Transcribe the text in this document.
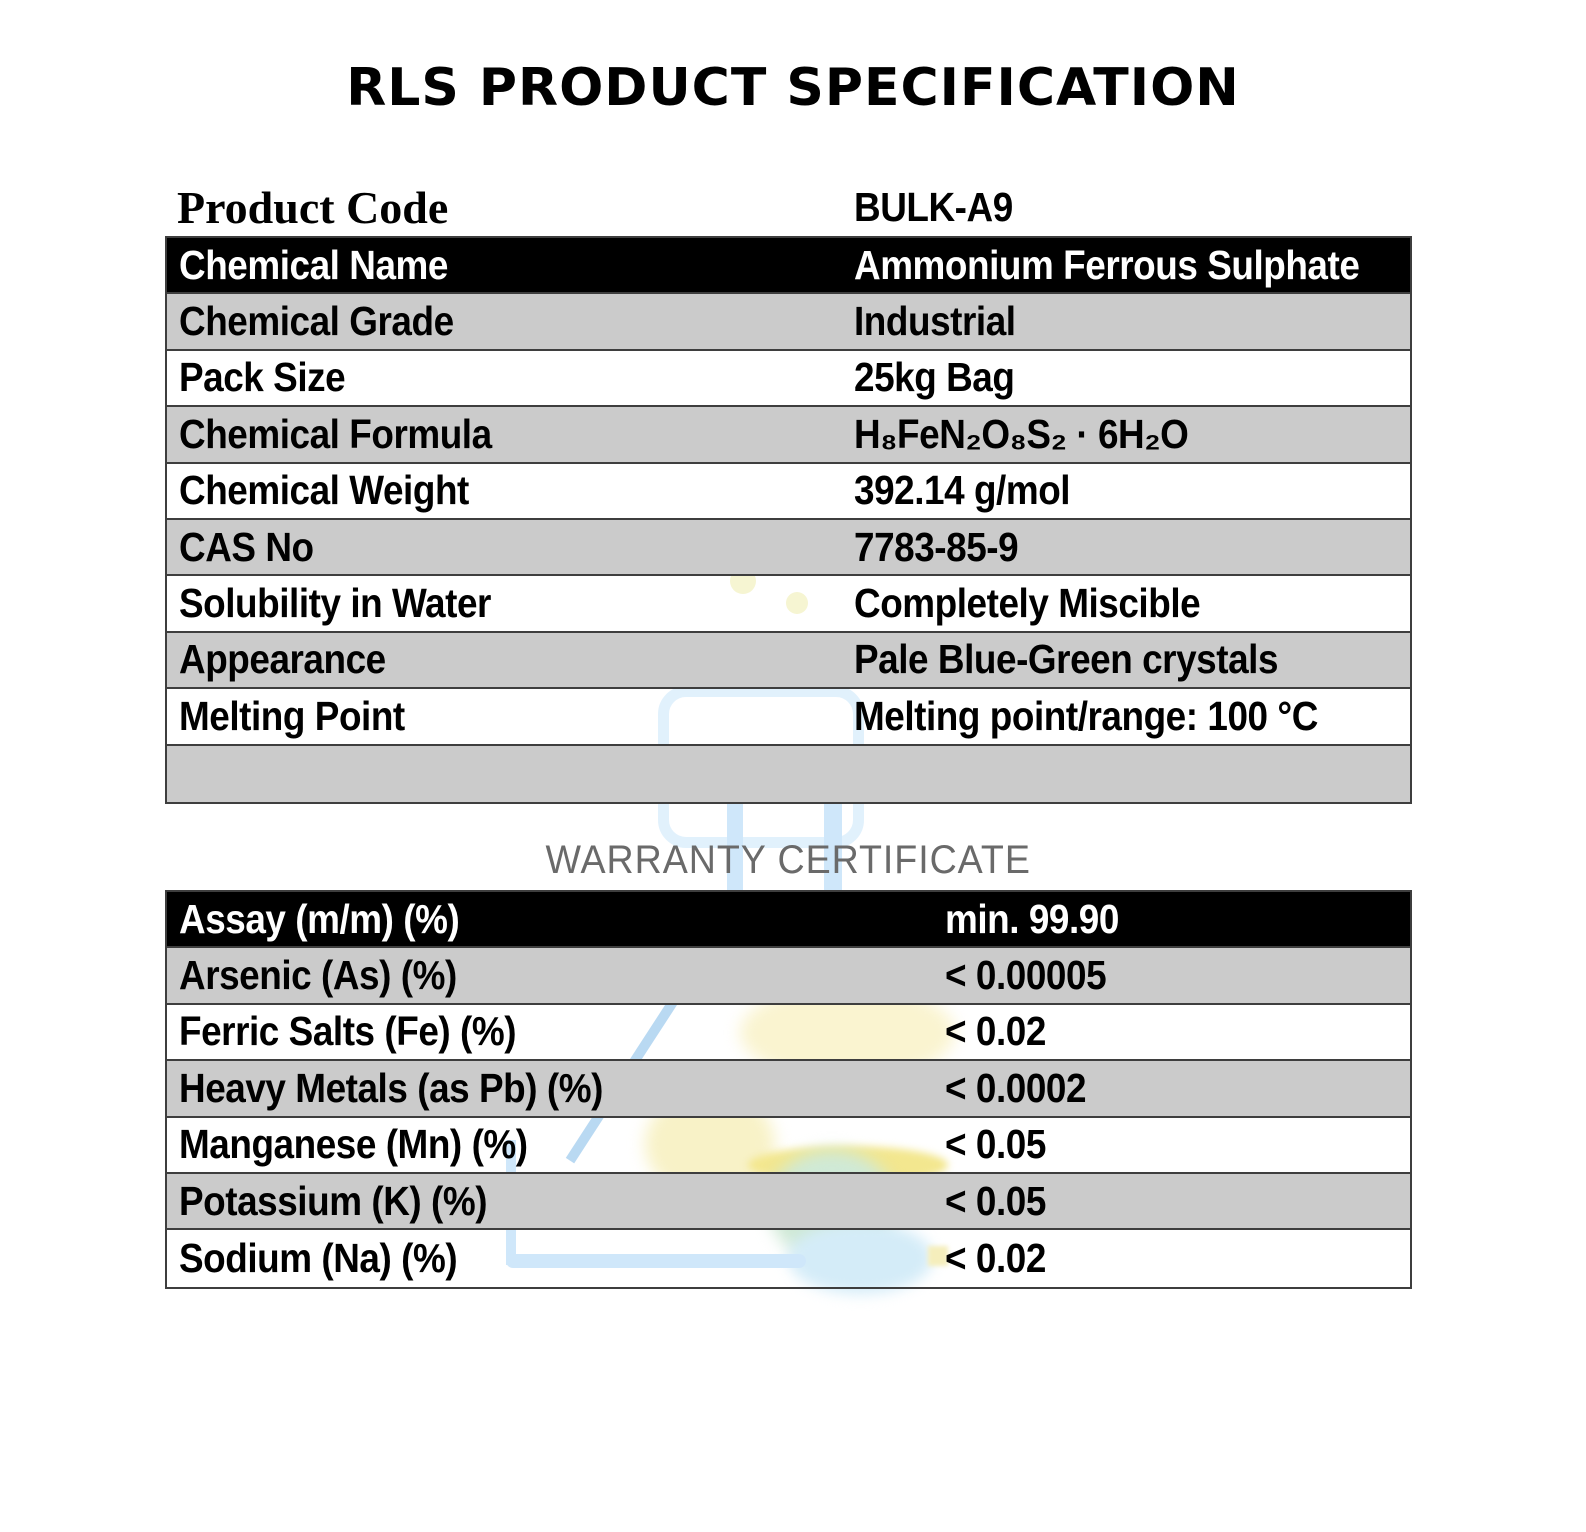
RLS PRODUCT SPECIFICATION
Product Code	BULK-A9
Chemical Name	Ammonium Ferrous Sulphate
Chemical Grade	Industrial
Pack Size	25kg Bag
Chemical Formula	H₈FeN₂O₈S₂ · 6H₂O
Chemical Weight	392.14 g/mol
CAS No	7783-85-9
Solubility in Water	Completely Miscible
Appearance	Pale Blue-Green crystals
Melting Point	Melting point/range: 100 °C
WARRANTY CERTIFICATE
Assay (m/m) (%)	min. 99.90
Arsenic (As) (%)	< 0.00005
Ferric Salts (Fe) (%)	< 0.02
Heavy Metals (as Pb) (%)	< 0.0002
Manganese (Mn) (%)	< 0.05
Potassium (K) (%)	< 0.05
Sodium (Na) (%)	< 0.02
